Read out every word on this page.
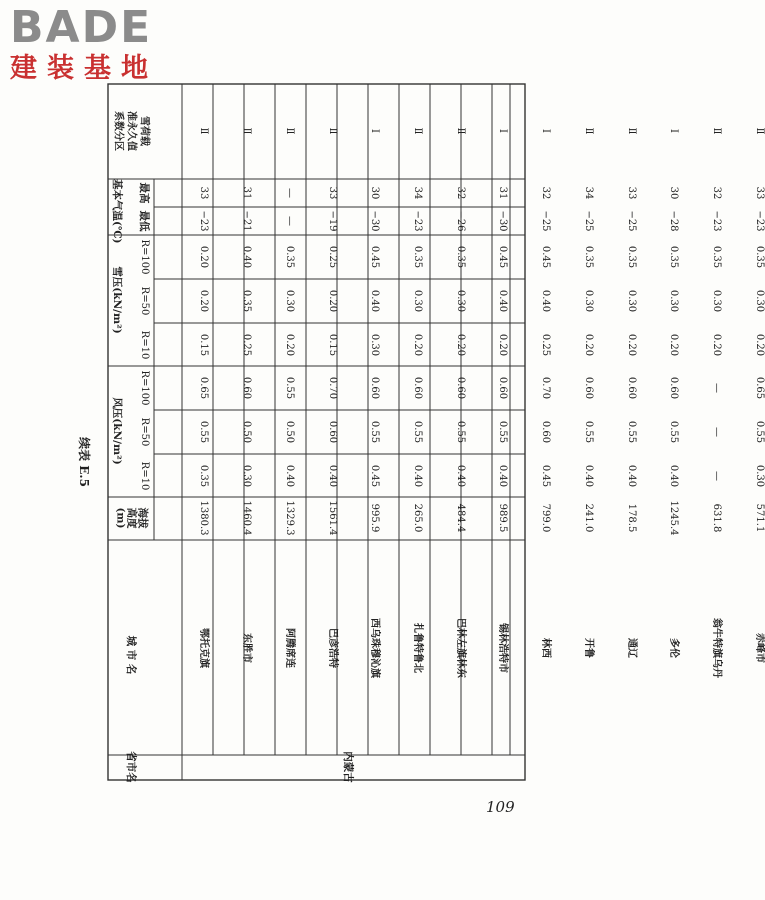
BADE
建装基地
续表 E.5
省市名
城 市 名
海拔
高度
(m)
风压(kN/m²)
雪压(kN/m²)
基本气温(℃)
R=10
R=50
R=100
R=10
R=50
R=100
最低
最高
雪荷载
准永久值
系数分区
内蒙古
鄂托克旗
1380.3
0.35
0.55
0.65
0.15
0.20
0.20
−23
33
Ⅱ
东胜市
1460.4
0.30
0.50
0.60
0.25
0.35
0.40
−21
31
Ⅱ
阿腾席连
1329.3
0.40
0.50
0.55
0.20
0.30
0.35
—
—
Ⅱ
巴彦浩特
1561.4
0.40
0.60
0.70
0.15
0.20
0.25
−19
33
Ⅱ
西乌珠穆沁旗
995.9
0.45
0.55
0.60
0.30
0.40
0.45
−30
30
Ⅰ
扎鲁特鲁北
265.0
0.40
0.55
0.60
0.20
0.30
0.35
−23
34
Ⅱ
巴林左旗林东
484.4
0.40
0.55
0.60
0.20
0.30
0.35
−26
32
Ⅱ
锡林浩特市
989.5
0.40
0.55
0.60
0.20
0.40
0.45
−30
31
Ⅰ
林西
799.0
0.45
0.60
0.70
0.25
0.40
0.45
−25
32
Ⅰ
开鲁
241.0
0.40
0.55
0.60
0.20
0.30
0.35
−25
34
Ⅱ
通辽
178.5
0.40
0.55
0.60
0.20
0.30
0.35
−25
33
Ⅱ
多伦
1245.4
0.40
0.55
0.60
0.20
0.30
0.35
−28
30
Ⅰ
翁牛特旗乌丹
631.8
—
—
—
0.20
0.30
0.35
−23
32
Ⅱ
赤峰市
571.1
0.30
0.55
0.65
0.20
0.30
0.35
−23
33
Ⅱ
109
